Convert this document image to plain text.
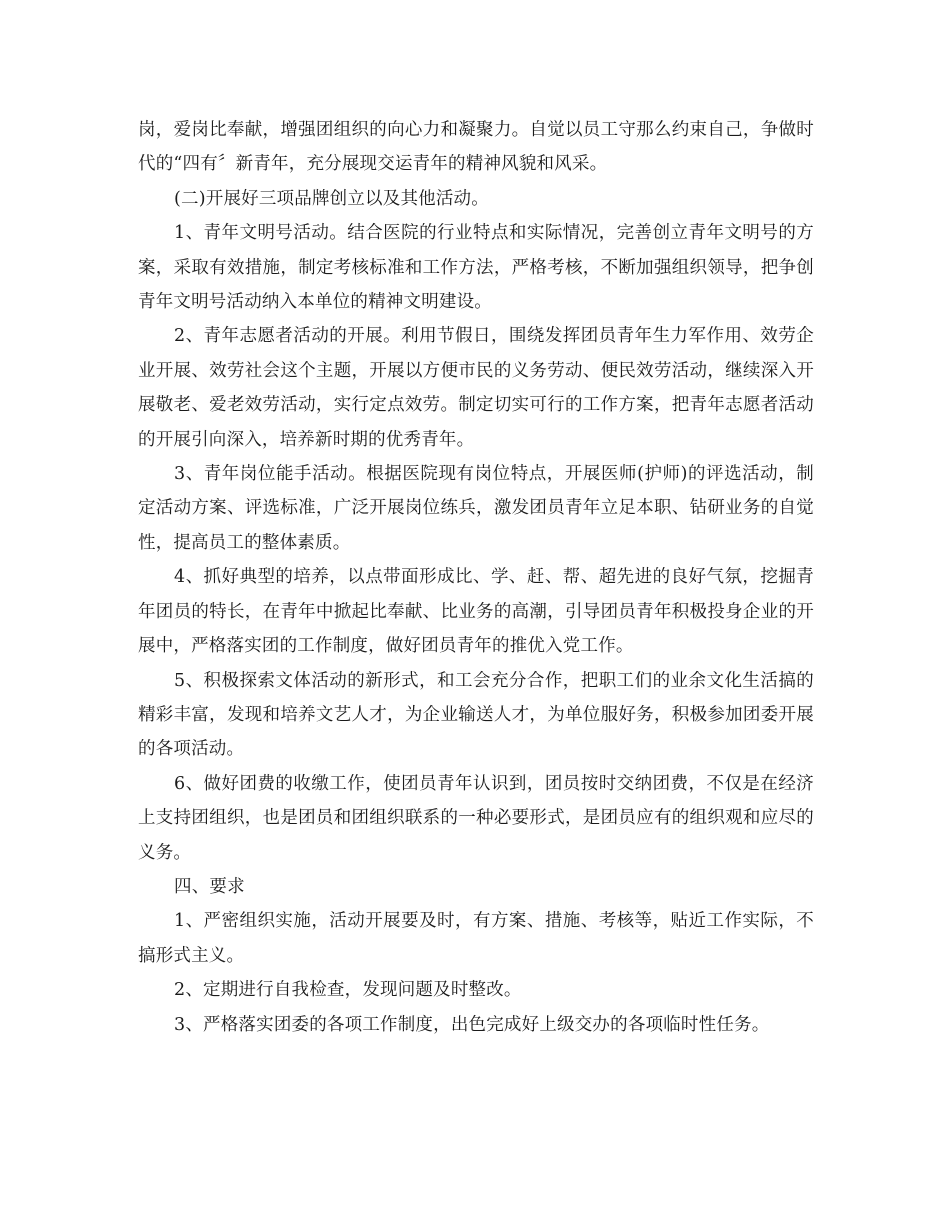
岗，爱岗比奉献，增强团组织的向心力和凝聚力。自觉以员工守那么约束自己，争做时代的“四有〞新青年，充分展现交运青年的精神风貌和风采。

(二)开展好三项品牌创立以及其他活动。

1、青年文明号活动。结合医院的行业特点和实际情况，完善创立青年文明号的方案，采取有效措施，制定考核标准和工作方法，严格考核，不断加强组织领导，把争创青年文明号活动纳入本单位的精神文明建设。

2、青年志愿者活动的开展。利用节假日，围绕发挥团员青年生力军作用、效劳企业开展、效劳社会这个主题，开展以方便市民的义务劳动、便民效劳活动，继续深入开展敬老、爱老效劳活动，实行定点效劳。制定切实可行的工作方案，把青年志愿者活动的开展引向深入，培养新时期的优秀青年。

3、青年岗位能手活动。根据医院现有岗位特点，开展医师(护师)的评选活动，制定活动方案、评选标准，广泛开展岗位练兵，激发团员青年立足本职、钻研业务的自觉性，提高员工的整体素质。

4、抓好典型的培养，以点带面形成比、学、赶、帮、超先进的良好气氛，挖掘青年团员的特长，在青年中掀起比奉献、比业务的高潮，引导团员青年积极投身企业的开展中，严格落实团的工作制度，做好团员青年的推优入党工作。

5、积极探索文体活动的新形式，和工会充分合作，把职工们的业余文化生活搞的精彩丰富，发现和培养文艺人才，为企业输送人才，为单位服好务，积极参加团委开展的各项活动。

6、做好团费的收缴工作，使团员青年认识到，团员按时交纳团费，不仅是在经济上支持团组织，也是团员和团组织联系的一种必要形式，是团员应有的组织观和应尽的义务。

四、要求

1、严密组织实施，活动开展要及时，有方案、措施、考核等，贴近工作实际，不搞形式主义。

2、定期进行自我检查，发现问题及时整改。

3、严格落实团委的各项工作制度，出色完成好上级交办的各项临时性任务。
